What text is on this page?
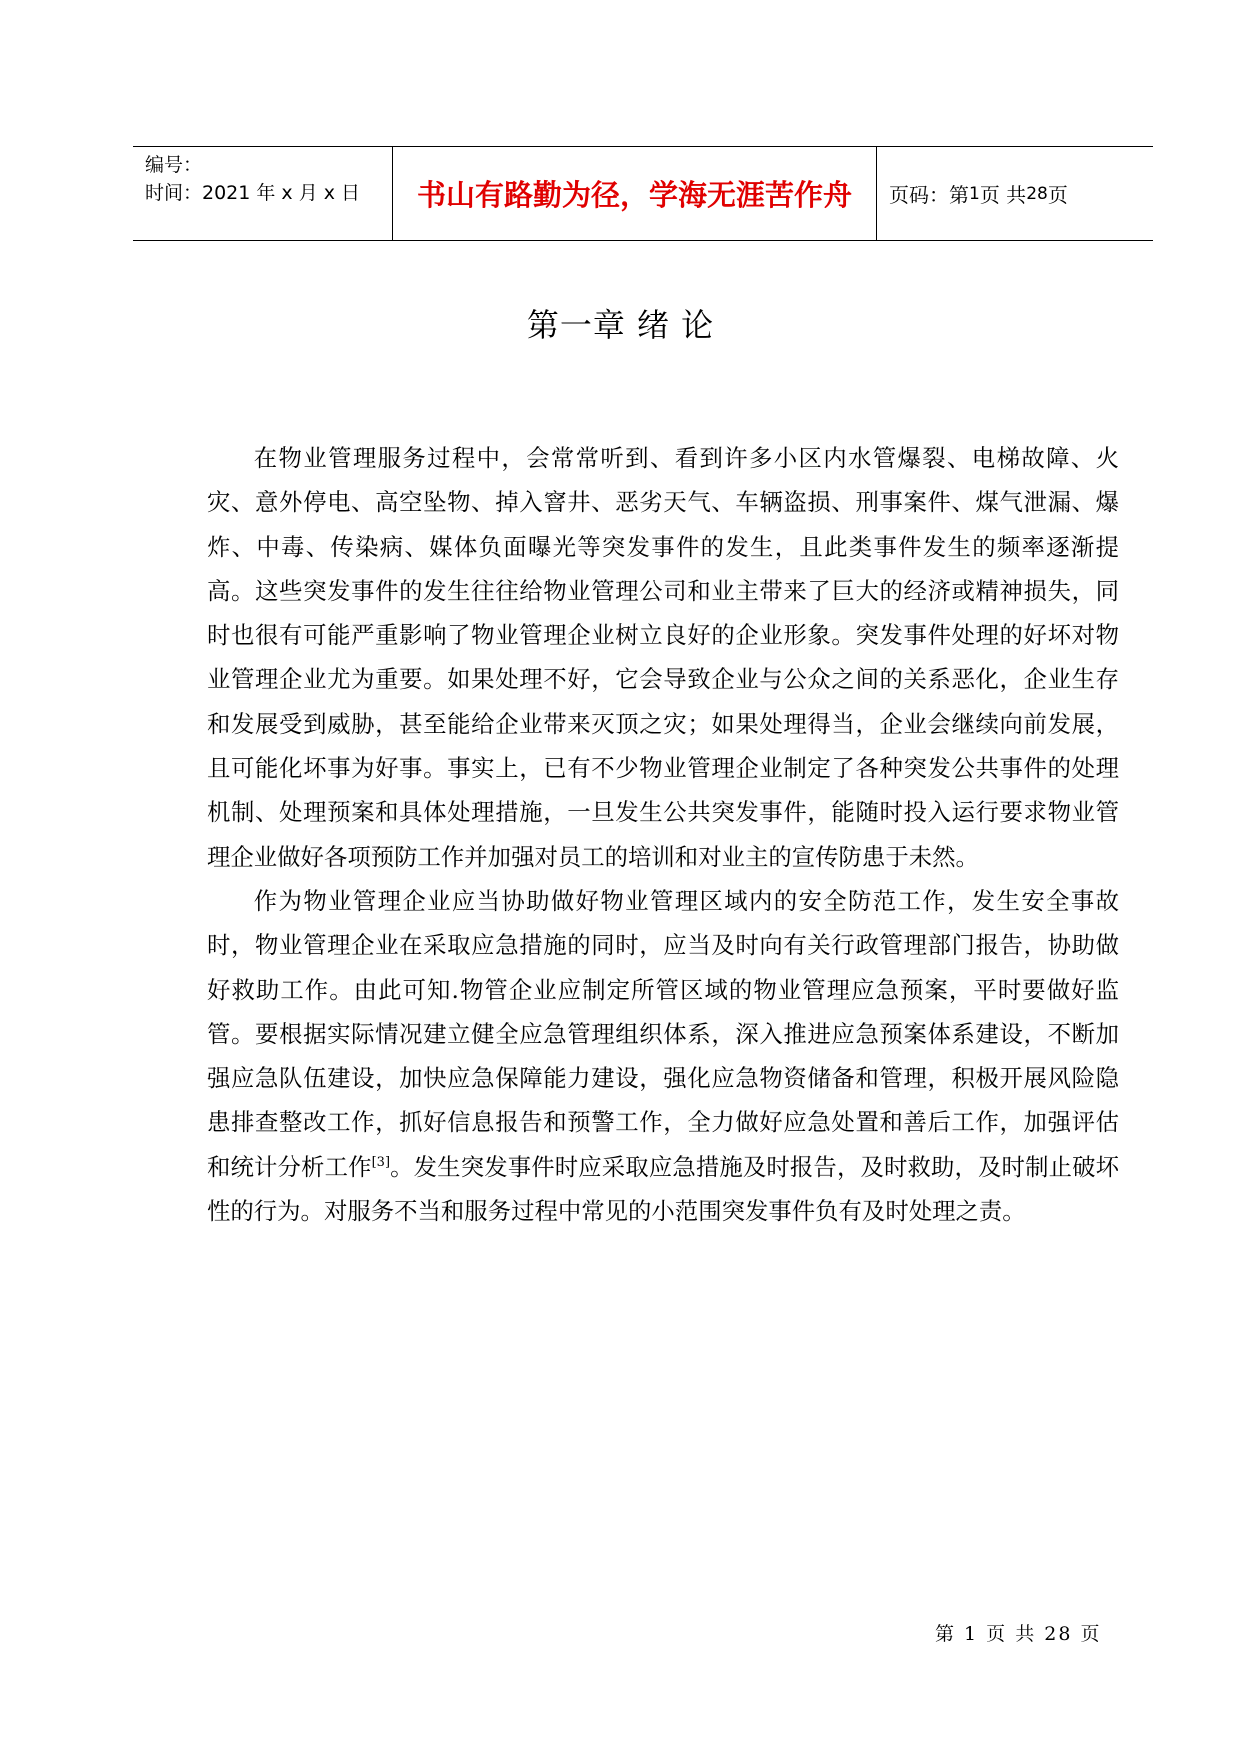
编号：
时间：2021 年 x 月 x 日	书山有路勤为径，学海无涯苦作舟	页码：第 1 页 共 28 页
第一章 绪 论

在物业管理服务过程中，会常常听到、看到许多小区内水管爆裂、电梯故障、火灾、意外停电、高空坠物、掉入窨井、恶劣天气、车辆盗损、刑事案件、煤气泄漏、爆炸、中毒、传染病、媒体负面曝光等突发事件的发生，且此类事件发生的频率逐渐提高。这些突发事件的发生往往给物业管理公司和业主带来了巨大的经济或精神损失，同时也很有可能严重影响了物业管理企业树立良好的企业形象。突发事件处理的好坏对物业管理企业尤为重要。如果处理不好，它会导致企业与公众之间的关系恶化，企业生存和发展受到威胁，甚至能给企业带来灭顶之灾；如果处理得当，企业会继续向前发展，且可能化坏事为好事。事实上，已有不少物业管理企业制定了各种突发公共事件的处理机制、处理预案和具体处理措施，一旦发生公共突发事件，能随时投入运行要求物业管理企业做好各项预防工作并加强对员工的培训和对业主的宣传防患于未然。

作为物业管理企业应当协助做好物业管理区域内的安全防范工作，发生安全事故时，物业管理企业在采取应急措施的同时，应当及时向有关行政管理部门报告，协助做好救助工作。由此可知.物管企业应制定所管区域的物业管理应急预案，平时要做好监管。要根据实际情况建立健全应急管理组织体系，深入推进应急预案体系建设，不断加强应急队伍建设，加快应急保障能力建设，强化应急物资储备和管理，积极开展风险隐患排查整改工作，抓好信息报告和预警工作，全力做好应急处置和善后工作，加强评估和统计分析工作[3]。发生突发事件时应采取应急措施及时报告，及时救助，及时制止破坏性的行为。对服务不当和服务过程中常见的小范围突发事件负有及时处理之责。

第 1 页 共 28 页
